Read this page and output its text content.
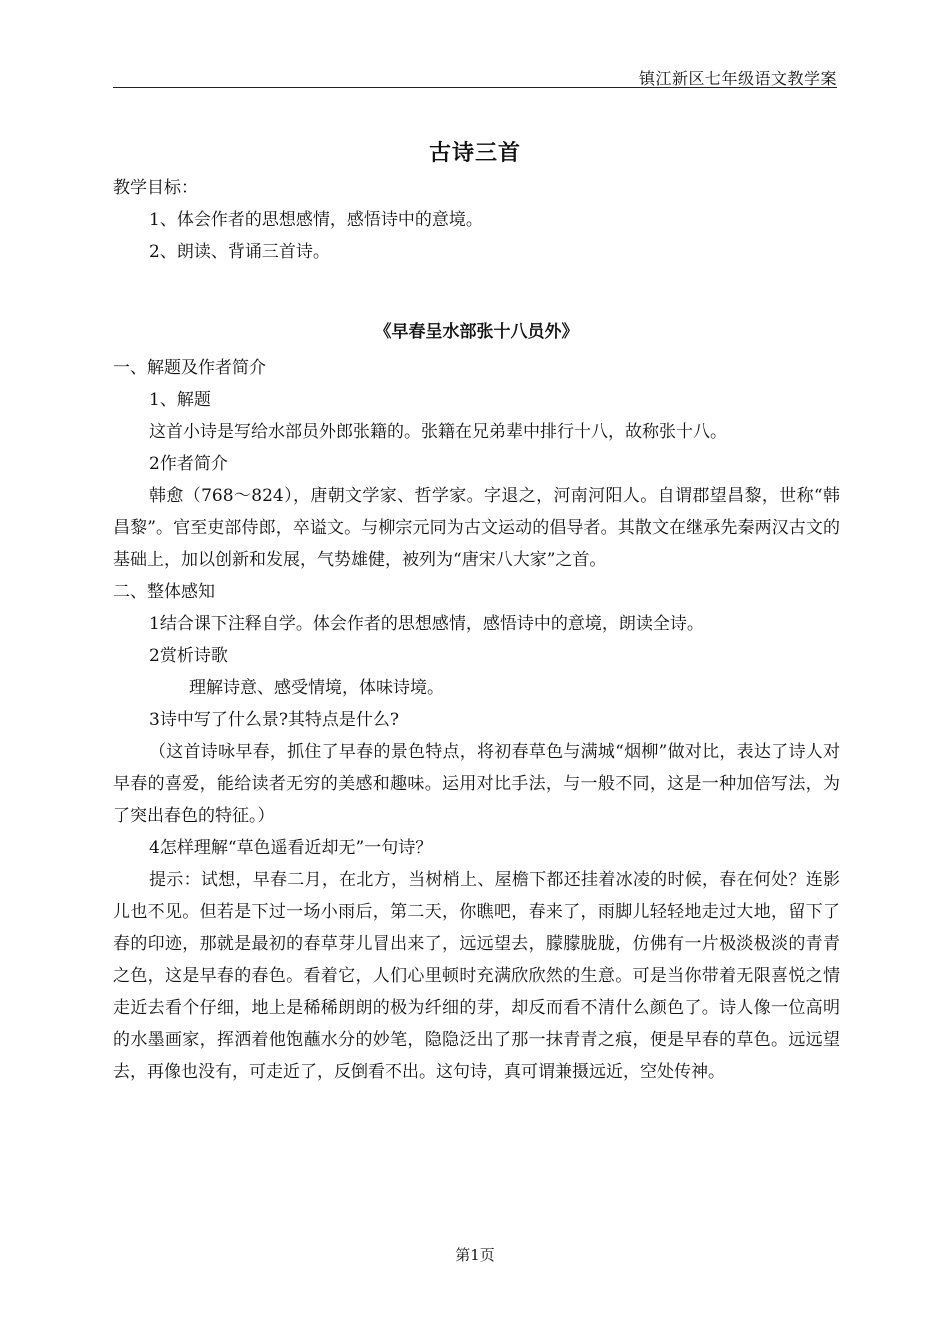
镇江新区七年级语文教学案
古诗三首
教学目标：
1、体会作者的思想感情，感悟诗中的意境。
2、朗读、背诵三首诗。
《早春呈水部张十八员外》
一、解题及作者简介
1、解题
这首小诗是写给水部员外郎张籍的。张籍在兄弟辈中排行十八，故称张十八。
2作者简介
韩愈（768～824），唐朝文学家、哲学家。字退之，河南河阳人。自谓郡望昌黎，世称“韩昌黎”。官至吏部侍郎，卒谥文。与柳宗元同为古文运动的倡导者。其散文在继承先秦两汉古文的基础上，加以创新和发展，气势雄健，被列为“唐宋八大家”之首。
二、整体感知
1结合课下注释自学。体会作者的思想感情，感悟诗中的意境，朗读全诗。
2赏析诗歌
理解诗意、感受情境，体味诗境。
3诗中写了什么景?其特点是什么?
（这首诗咏早春，抓住了早春的景色特点，将初春草色与满城“烟柳”做对比，表达了诗人对早春的喜爱，能给读者无穷的美感和趣味。运用对比手法，与一般不同，这是一种加倍写法，为了突出春色的特征。）
4怎样理解“草色遥看近却无”一句诗？
提示：试想，早春二月，在北方，当树梢上、屋檐下都还挂着冰凌的时候，春在何处？连影儿也不见。但若是下过一场小雨后，第二天，你瞧吧，春来了，雨脚儿轻轻地走过大地，留下了春的印迹，那就是最初的春草芽儿冒出来了，远远望去，朦朦胧胧，仿佛有一片极淡极淡的青青之色，这是早春的春色。看着它，人们心里顿时充满欣欣然的生意。可是当你带着无限喜悦之情走近去看个仔细，地上是稀稀朗朗的极为纤细的芽，却反而看不清什么颜色了。诗人像一位高明的水墨画家，挥洒着他饱蘸水分的妙笔，隐隐泛出了那一抹青青之痕，便是早春的草色。远远望去，再像也没有，可走近了，反倒看不出。这句诗，真可谓兼摄远近，空处传神。
第1页
